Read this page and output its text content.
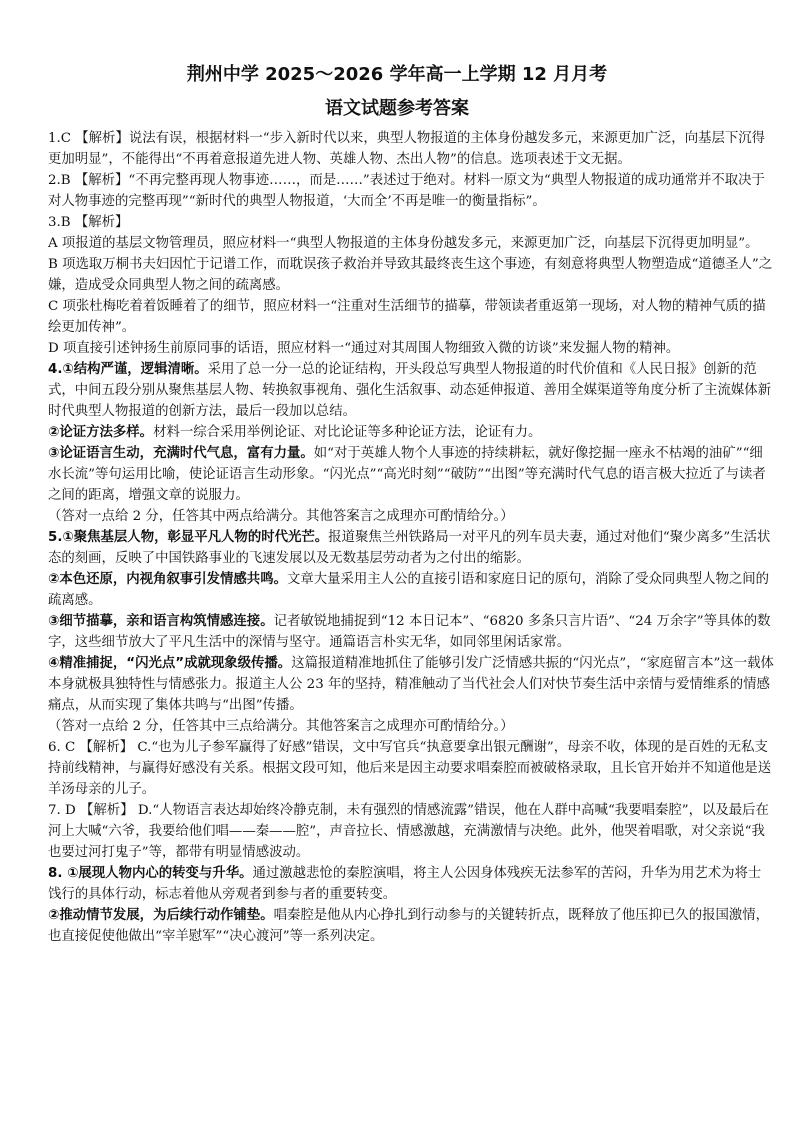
荆州中学 2025～2026 学年高一上学期 12 月月考
语文试题参考答案

1.C 【解析】说法有误，根据材料一“步入新时代以来，典型人物报道的主体身份越发多元，来源更加广泛，向基层下沉得更加明显”，不能得出“不再着意报道先进人物、英雄人物、杰出人物”的信息。选项表述于文无据。

2.B 【解析】“不再完整再现人物事迹……，而是……”表述过于绝对。材料一原文为“典型人物报道的成功通常并不取决于对人物事迹的完整再现”“新时代的典型人物报道，‘大而全’不再是唯一的衡量指标”。

3.B 【解析】

A 项报道的基层文物管理员，照应材料一“典型人物报道的主体身份越发多元，来源更加广泛，向基层下沉得更加明显”。

B 项选取万桐书夫妇因忙于记谱工作，而耽误孩子救治并导致其最终丧生这个事迹，有刻意将典型人物塑造成“道德圣人”之嫌，造成受众同典型人物之间的疏离感。

C 项张杜梅吃着着饭睡着了的细节，照应材料一“注重对生活细节的描摹，带领读者重返第一现场，对人物的精神气质的描绘更加传神”。

D 项直接引述钟扬生前原同事的话语，照应材料一“通过对其周围人物细致入微的访谈”来发掘人物的精神。

4.①结构严谨，逻辑清晰。采用了总一分一总的论证结构，开头段总写典型人物报道的时代价值和《人民日报》创新的范式，中间五段分别从聚焦基层人物、转换叙事视角、强化生活叙事、动态延伸报道、善用全媒渠道等角度分析了主流媒体新时代典型人物报道的创新方法，最后一段加以总结。

②论证方法多样。材料一综合采用举例论证、对比论证等多种论证方法，论证有力。

③论证语言生动，充满时代气息，富有力量。如“对于英雄人物个人事迹的持续耕耘，就好像挖掘一座永不枯竭的油矿”“细水长流”等句运用比喻，使论证语言生动形象。“闪光点”“高光时刻”“破防”“出图”等充满时代气息的语言极大拉近了与读者之间的距离，增强文章的说服力。

（答对一点给 2 分，任答其中两点给满分。其他答案言之成理亦可酌情给分。）

5.①聚焦基层人物，彰显平凡人物的时代光芒。报道聚焦兰州铁路局一对平凡的列车员夫妻，通过对他们“聚少离多”生活状态的刻画，反映了中国铁路事业的飞速发展以及无数基层劳动者为之付出的缩影。

②本色还原，内视角叙事引发情感共鸣。文章大量采用主人公的直接引语和家庭日记的原句，消除了受众同典型人物之间的疏离感。

③细节描摹，亲和语言构筑情感连接。记者敏锐地捕捉到“12 本日记本”、“6820 多条只言片语”、“24 万余字”等具体的数字，这些细节放大了平凡生活中的深情与坚守。通篇语言朴实无华，如同邻里闲话家常。

④精准捕捉，“闪光点”成就现象级传播。这篇报道精准地抓住了能够引发广泛情感共振的“闪光点”，“家庭留言本”这一载体本身就极具独特性与情感张力。报道主人公 23 年的坚持，精准触动了当代社会人们对快节奏生活中亲情与爱情维系的情感痛点，从而实现了集体共鸣与“出图”传播。

（答对一点给 2 分，任答其中三点给满分。其他答案言之成理亦可酌情给分。）

6. C 【解析】 C.“也为儿子参军赢得了好感”错误，文中写官兵“执意要拿出银元酬谢”，母亲不收，体现的是百姓的无私支持前线精神，与赢得好感没有关系。根据文段可知，他后来是因主动要求唱秦腔而被破格录取，且长官开始并不知道他是送羊汤母亲的儿子。

7. D 【解析】 D.“人物语言表达却始终冷静克制，未有强烈的情感流露”错误，他在人群中高喊“我要唱秦腔”，以及最后在河上大喊“六爷，我要给他们唱——秦——腔”，声音拉长、情感激越，充满激情与决绝。此外，他哭着唱歌，对父亲说“我也要过河打鬼子”等，都带有明显情感波动。

8. ①展现人物内心的转变与升华。通过激越悲怆的秦腔演唱，将主人公因身体残疾无法参军的苦闷，升华为用艺术为将士饯行的具体行动，标志着他从旁观者到参与者的重要转变。

②推动情节发展，为后续行动作铺垫。唱秦腔是他从内心挣扎到行动参与的关键转折点，既释放了他压抑已久的报国激情，也直接促使他做出“宰羊慰军”“决心渡河”等一系列决定。
